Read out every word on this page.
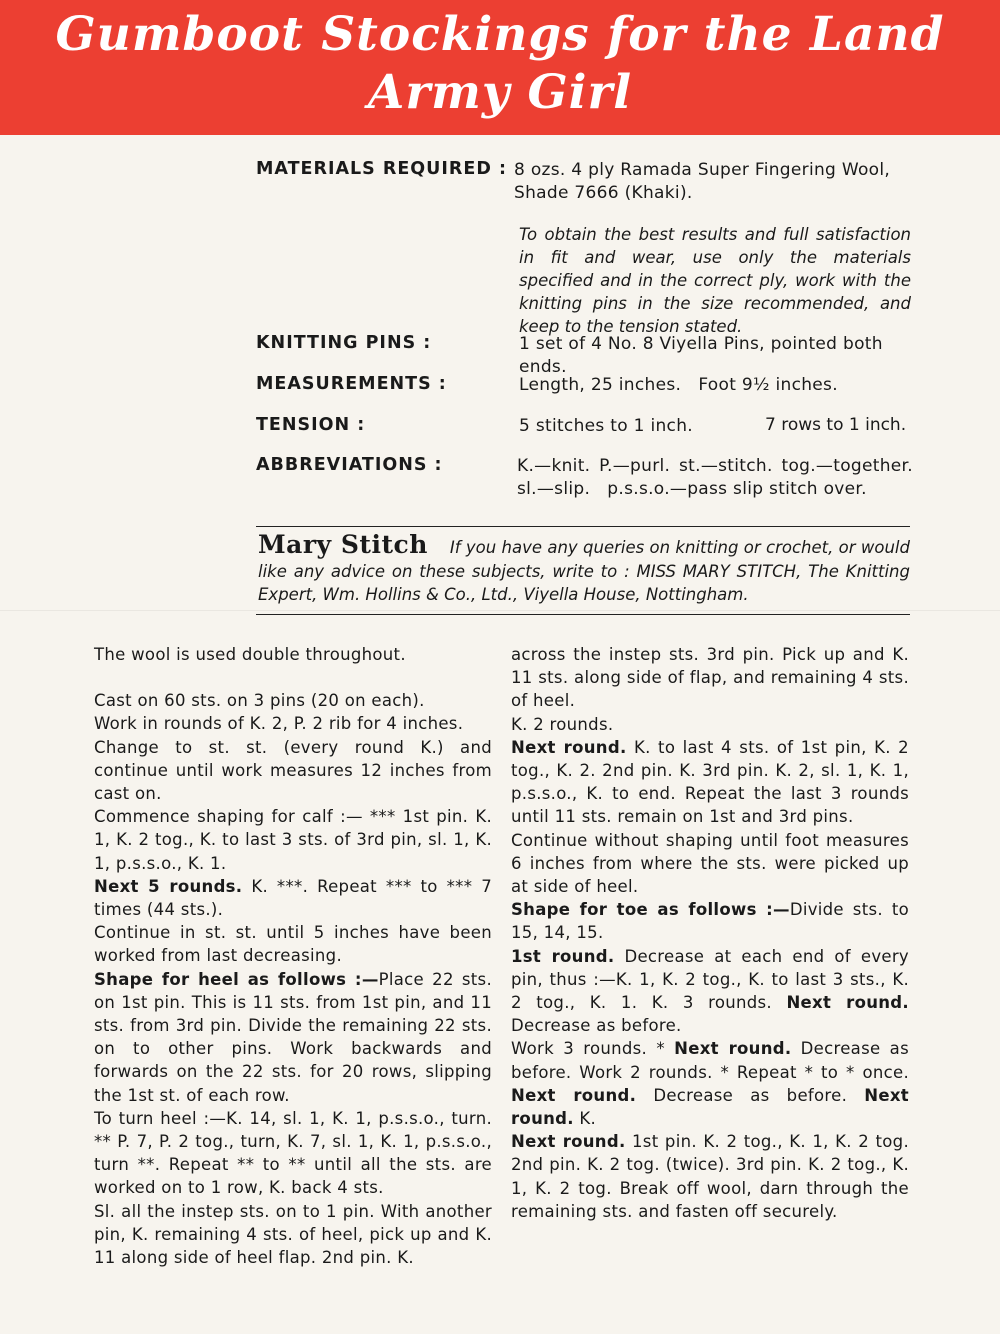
Gumboot Stockings for the Land
Army Girl
MATERIALS REQUIRED : 8 ozs. 4 ply Ramada Super Fingering Wool, Shade 7666 (Khaki).
To obtain the best results and full satisfaction in fit and wear, use only the materials specified and in the correct ply, work with the knitting pins in the size recommended, and keep to the tension stated.
KNITTING PINS :	1 set of 4 No. 8 Viyella Pins, pointed both ends.
MEASUREMENTS :	Length, 25 inches.   Foot 9½ inches.
TENSION :	5 stitches to 1 inch.	7 rows to 1 inch.
ABBREVIATIONS :	K.—knit. P.—purl. st.—stitch. tog.—together. sl.—slip.   p.s.s.o.—pass slip stitch over.
Mary Stitch If you have any queries on knitting or crochet, or would like any advice on these subjects, write to : MISS MARY STITCH, The Knitting Expert, Wm. Hollins & Co., Ltd., Viyella House, Nottingham.

The wool is used double throughout.

Cast on 60 sts. on 3 pins (20 on each).

Work in rounds of K. 2, P. 2 rib for 4 inches.

Change to st. st. (every round K.) and continue until work measures 12 inches from cast on.

Commence shaping for calf :— *** 1st pin. K. 1, K. 2 tog., K. to last 3 sts. of 3rd pin, sl. 1, K. 1, p.s.s.o., K. 1.

Next 5 rounds. K. ***. Repeat *** to *** 7 times (44 sts.).

Continue in st. st. until 5 inches have been worked from last decreasing.

Shape for heel as follows :—Place 22 sts. on 1st pin. This is 11 sts. from 1st pin, and 11 sts. from 3rd pin. Divide the remaining 22 sts. on to other pins. Work backwards and forwards on the 22 sts. for 20 rows, slipping the 1st st. of each row.

To turn heel :—K. 14, sl. 1, K. 1, p.s.s.o., turn. ** P. 7, P. 2 tog., turn, K. 7, sl. 1, K. 1, p.s.s.o., turn **. Repeat ** to ** until all the sts. are worked on to 1 row, K. back 4 sts.

Sl. all the instep sts. on to 1 pin. With another pin, K. remaining 4 sts. of heel, pick up and K. 11 along side of heel flap. 2nd pin. K.

across the instep sts. 3rd pin. Pick up and K. 11 sts. along side of flap, and remaining 4 sts. of heel.

K. 2 rounds.

Next round. K. to last 4 sts. of 1st pin, K. 2 tog., K. 2. 2nd pin. K. 3rd pin. K. 2, sl. 1, K. 1, p.s.s.o., K. to end. Repeat the last 3 rounds until 11 sts. remain on 1st and 3rd pins.

Continue without shaping until foot measures 6 inches from where the sts. were picked up at side of heel.

Shape for toe as follows :—Divide sts. to 15, 14, 15.

1st round. Decrease at each end of every pin, thus :—K. 1, K. 2 tog., K. to last 3 sts., K. 2 tog., K. 1. K. 3 rounds. Next round. Decrease as before.

Work 3 rounds. * Next round. Decrease as before. Work 2 rounds. * Repeat * to * once. Next round. Decrease as before. Next round. K.

Next round. 1st pin. K. 2 tog., K. 1, K. 2 tog. 2nd pin. K. 2 tog. (twice). 3rd pin. K. 2 tog., K. 1, K. 2 tog. Break off wool, darn through the remaining sts. and fasten off securely.
